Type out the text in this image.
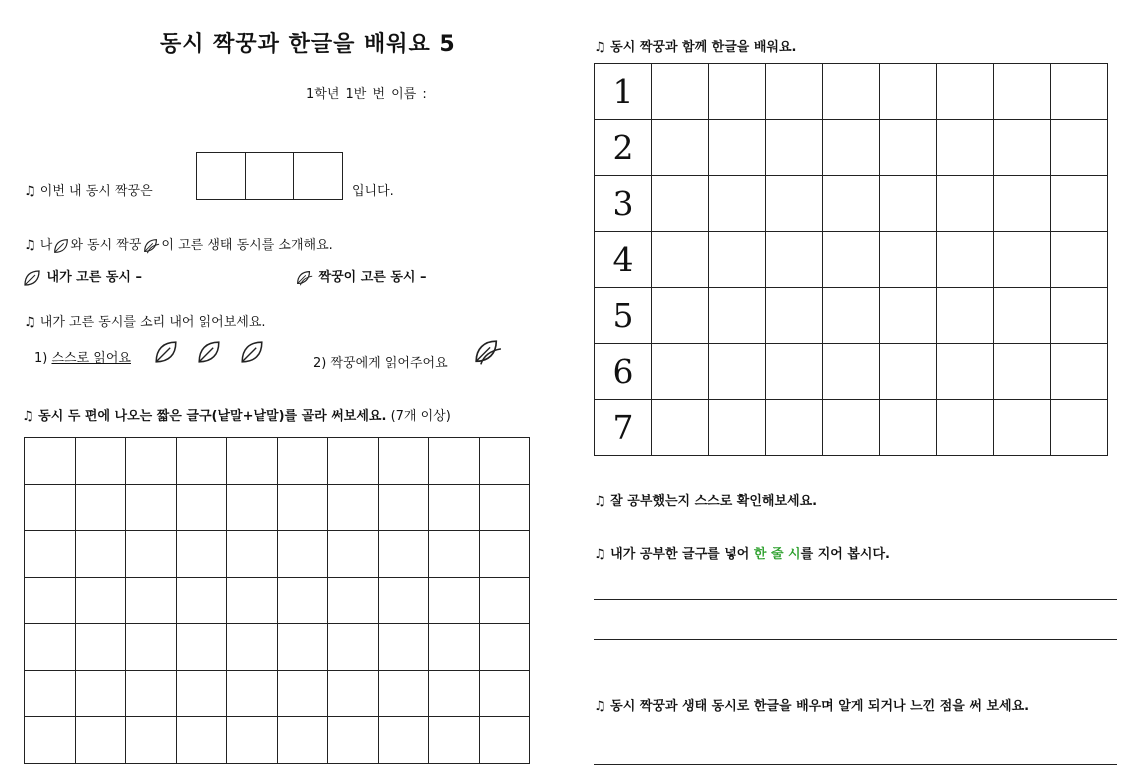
동시 짝꿍과 한글을 배워요 5
1학년 1반 번 이름 :
♫ 이번 내 동시 짝꿍은	입니다.
♫ 나 와 동시 짝꿍 이 고른 생태 동시를 소개해요.
내가 고른 동시 –	짝꿍이 고른 동시 –
♫ 내가 고른 동시를 소리 내어 읽어보세요.
1) 스스로 읽어요

	2) 짝꿍에게 읽어주어요
♫ 동시 두 편에 나오는 짧은 글구(낱말+낱말)를 골라 써보세요. (7개 이상)

♫ 동시 짝꿍과 함께 한글을 배워요.
1								
2								
3								
4								
5								
6								
7								
♫ 잘 공부했는지 스스로 확인해보세요.
♫ 내가 공부한 글구를 넣어 한 줄 시를 지어 봅시다.
♫ 동시 짝꿍과 생태 동시로 한글을 배우며 알게 되거나 느낀 점을 써 보세요.
